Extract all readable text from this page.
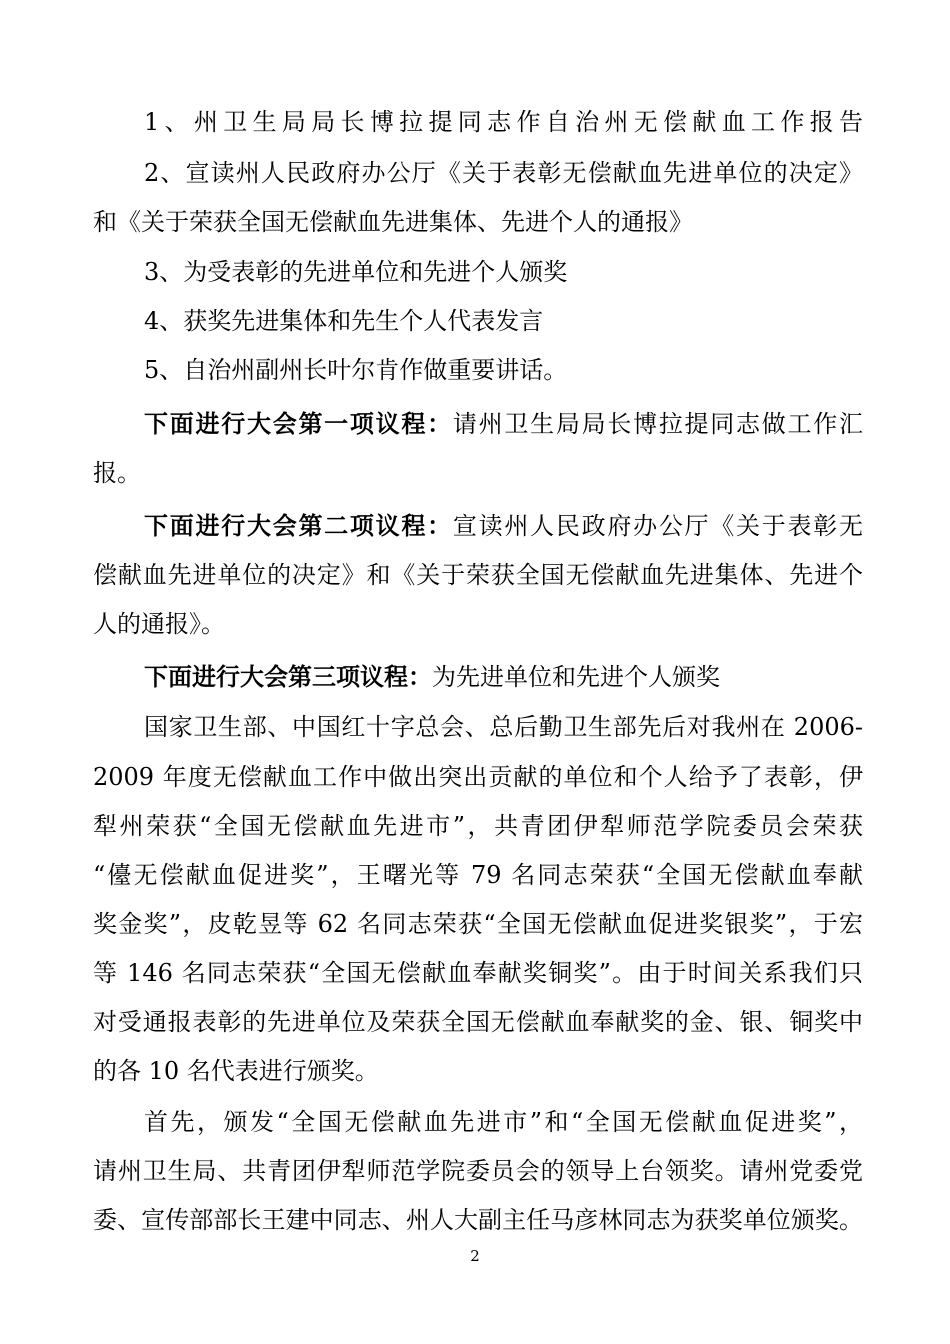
1、州卫生局局长博拉提同志作自治州无偿献血工作报告
2、宣读州人民政府办公厅《关于表彰无偿献血先进单位的决定》
和《关于荣获全国无偿献血先进集体、先进个人的通报》
3、为受表彰的先进单位和先进个人颁奖
4、获奖先进集体和先生个人代表发言
5、自治州副州长叶尔肯作做重要讲话。
下面进行大会第一项议程：请州卫生局局长博拉提同志做工作汇
报。
下面进行大会第二项议程：宣读州人民政府办公厅《关于表彰无
偿献血先进单位的决定》和《关于荣获全国无偿献血先进集体、先进个
人的通报》。
下面进行大会第三项议程：为先进单位和先进个人颁奖
国家卫生部、中国红十字总会、总后勤卫生部先后对我州在 2006-
2009 年度无偿献血工作中做出突出贡献的单位和个人给予了表彰，伊
犁州荣获“全国无偿献血先进市”，共青团伊犁师范学院委员会荣获
“儓无偿献血促进奖”，王曙光等 79 名同志荣获“全国无偿献血奉献
奖金奖”，皮乾昱等 62 名同志荣获“全国无偿献血促进奖银奖”，于宏
等 146 名同志荣获“全国无偿献血奉献奖铜奖”。由于时间关系我们只
对受通报表彰的先进单位及荣获全国无偿献血奉献奖的金、银、铜奖中
的各 10 名代表进行颁奖。
首先，颁发“全国无偿献血先进市”和“全国无偿献血促进奖”，
请州卫生局、共青团伊犁师范学院委员会的领导上台领奖。请州党委党
委、宣传部部长王建中同志、州人大副主任马彦林同志为获奖单位颁奖。
2
